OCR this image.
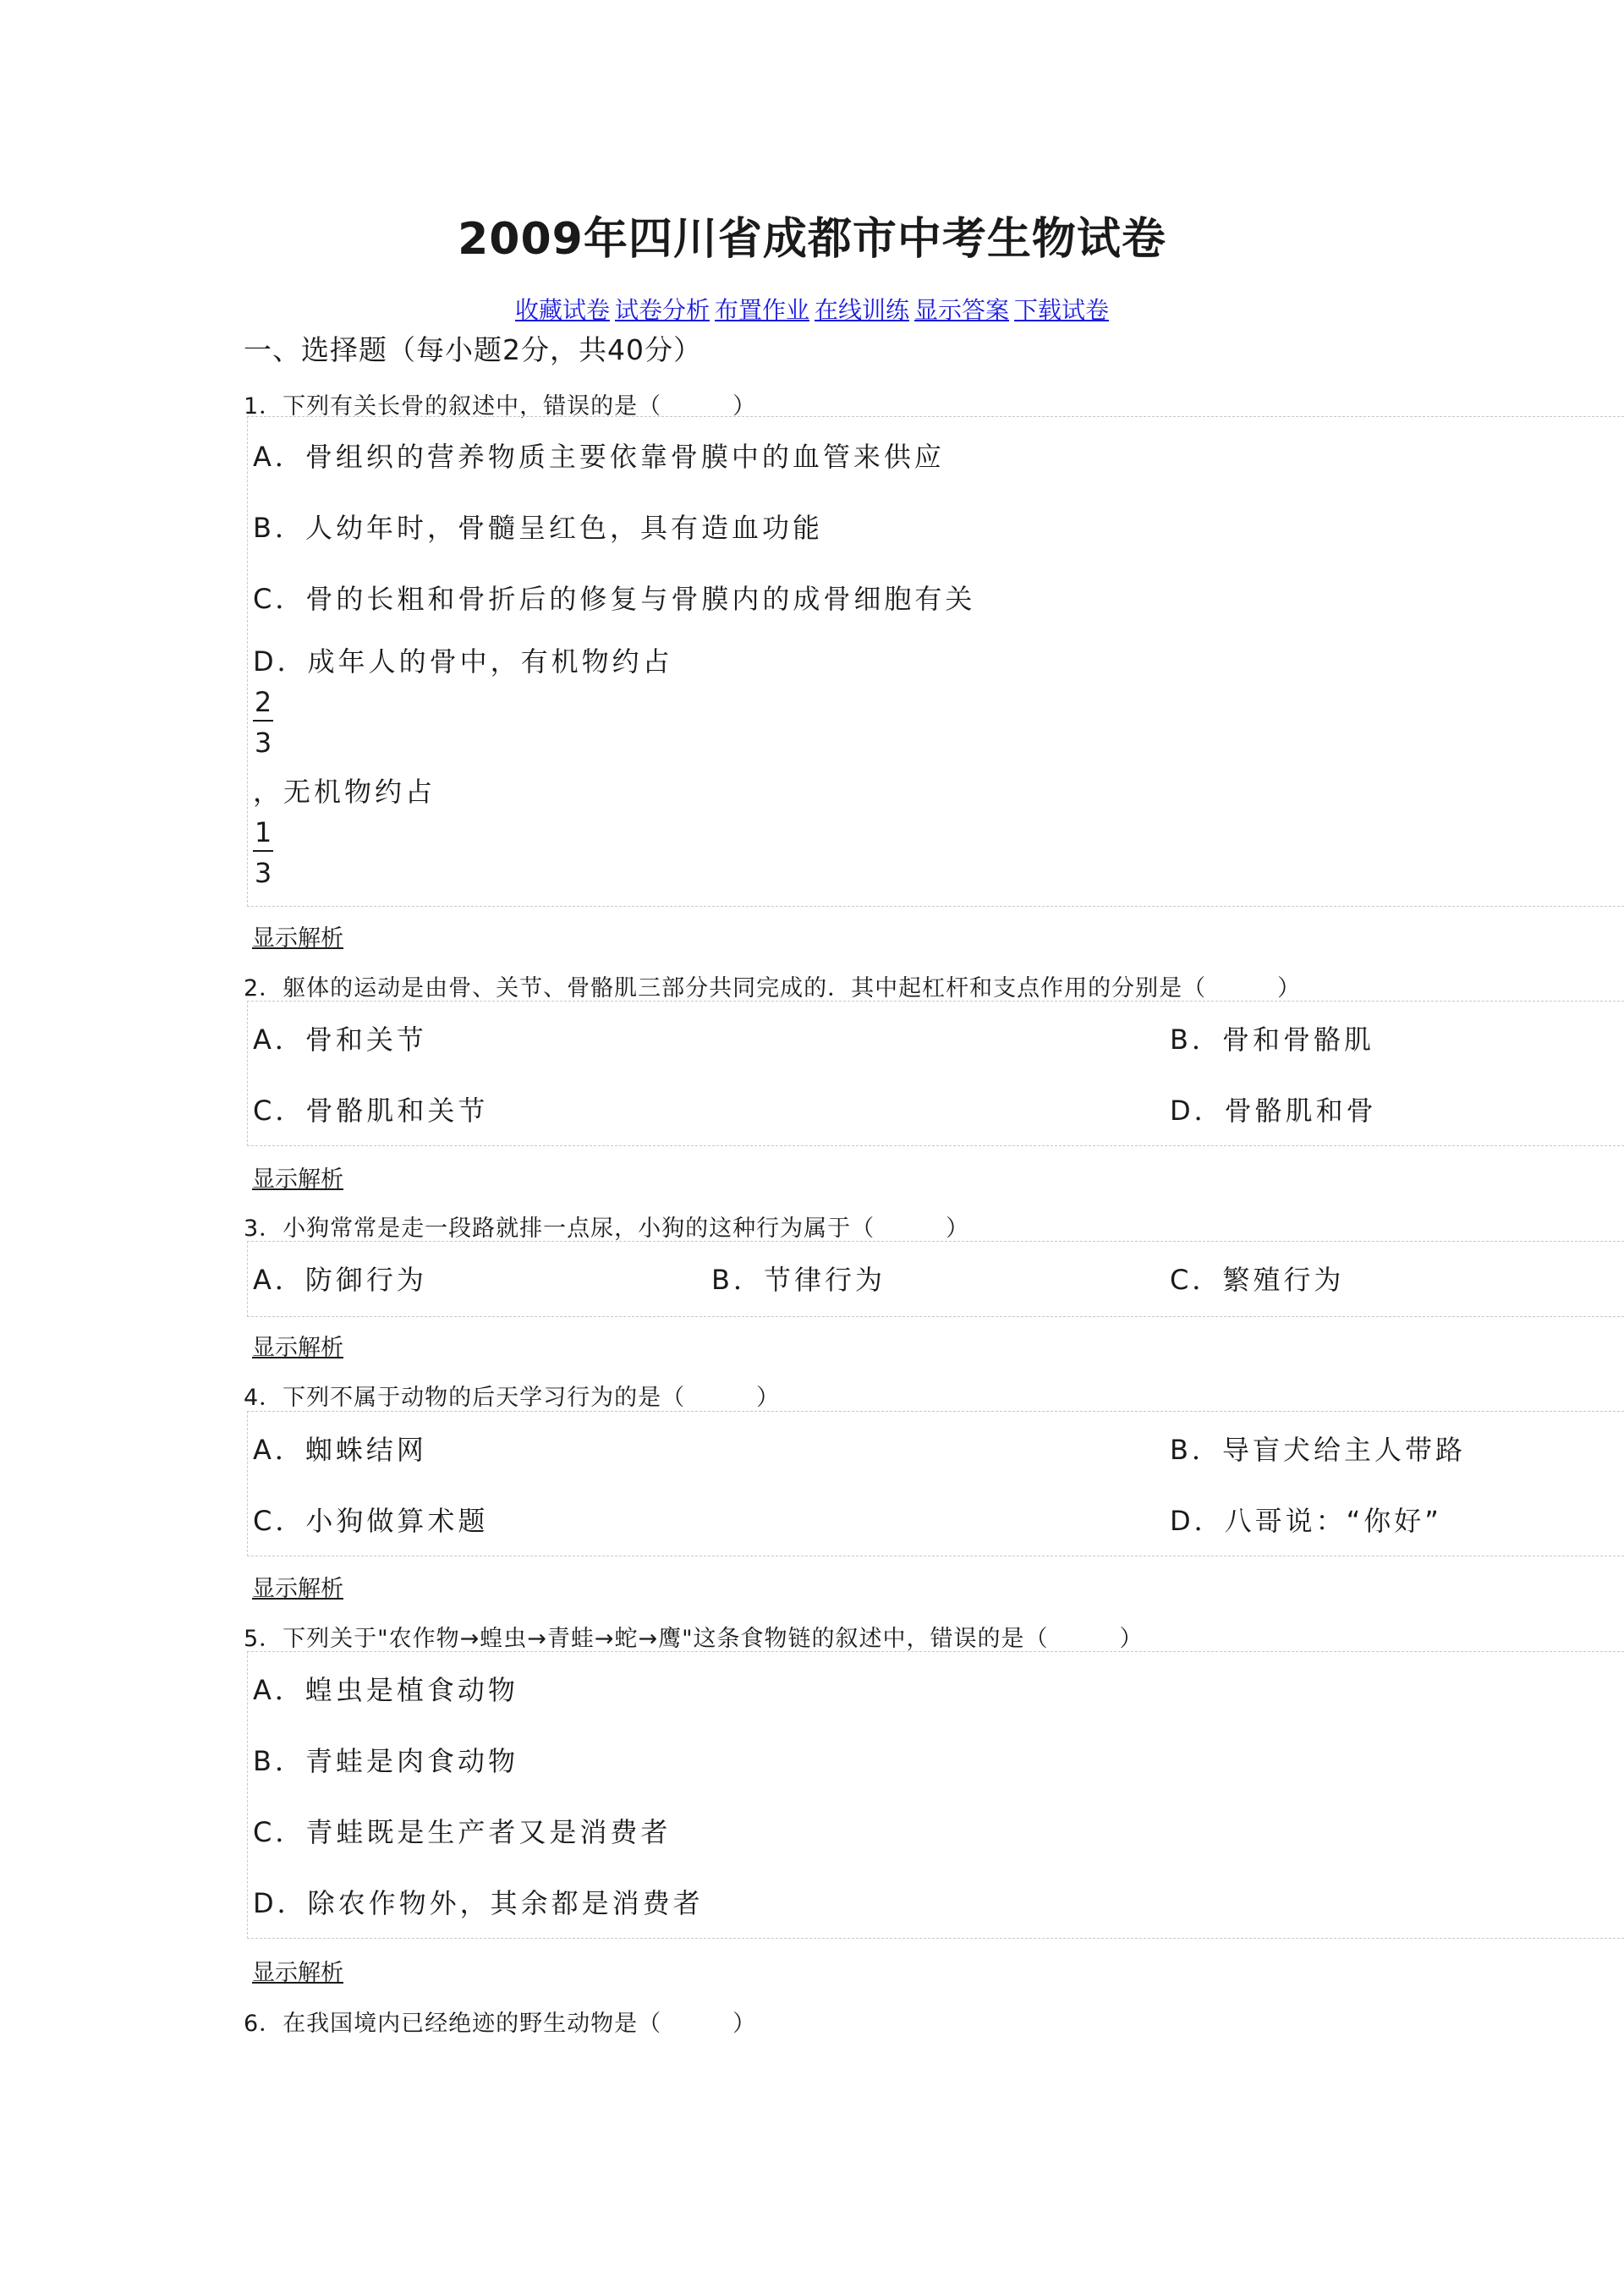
2009年四川省成都市中考生物试卷
收藏试卷 试卷分析 布置作业 在线训练 显示答案 下载试卷
一、选择题（每小题2分，共40分）
1．下列有关长骨的叙述中，错误的是（　　　）
A．骨组织的营养物质主要依靠骨膜中的血管来供应
B．人幼年时，骨髓呈红色，具有造血功能
C．骨的长粗和骨折后的修复与骨膜内的成骨细胞有关
D．成年人的骨中，有机物约占
$\frac{2}{3}$
，无机物约占
$\frac{1}{3}$
显示解析
2．躯体的运动是由骨、关节、骨骼肌三部分共同完成的．其中起杠杆和支点作用的分别是（　　　）
A．骨和关节	B．骨和骨骼肌
C．骨骼肌和关节	D．骨骼肌和骨
显示解析
3．小狗常常是走一段路就排一点尿，小狗的这种行为属于（　　　）
A．防御行为	B．节律行为	C．繁殖行为
显示解析
4．下列不属于动物的后天学习行为的是（　　　）
A．蜘蛛结网	B．导盲犬给主人带路
C．小狗做算术题	D．八哥说：“你好”
显示解析
5．下列关于"农作物→蝗虫→青蛙→蛇→鹰"这条食物链的叙述中，错误的是（　　　）
A．蝗虫是植食动物
B．青蛙是肉食动物
C．青蛙既是生产者又是消费者
D．除农作物外，其余都是消费者
显示解析
6．在我国境内已经绝迹的野生动物是（　　　）
